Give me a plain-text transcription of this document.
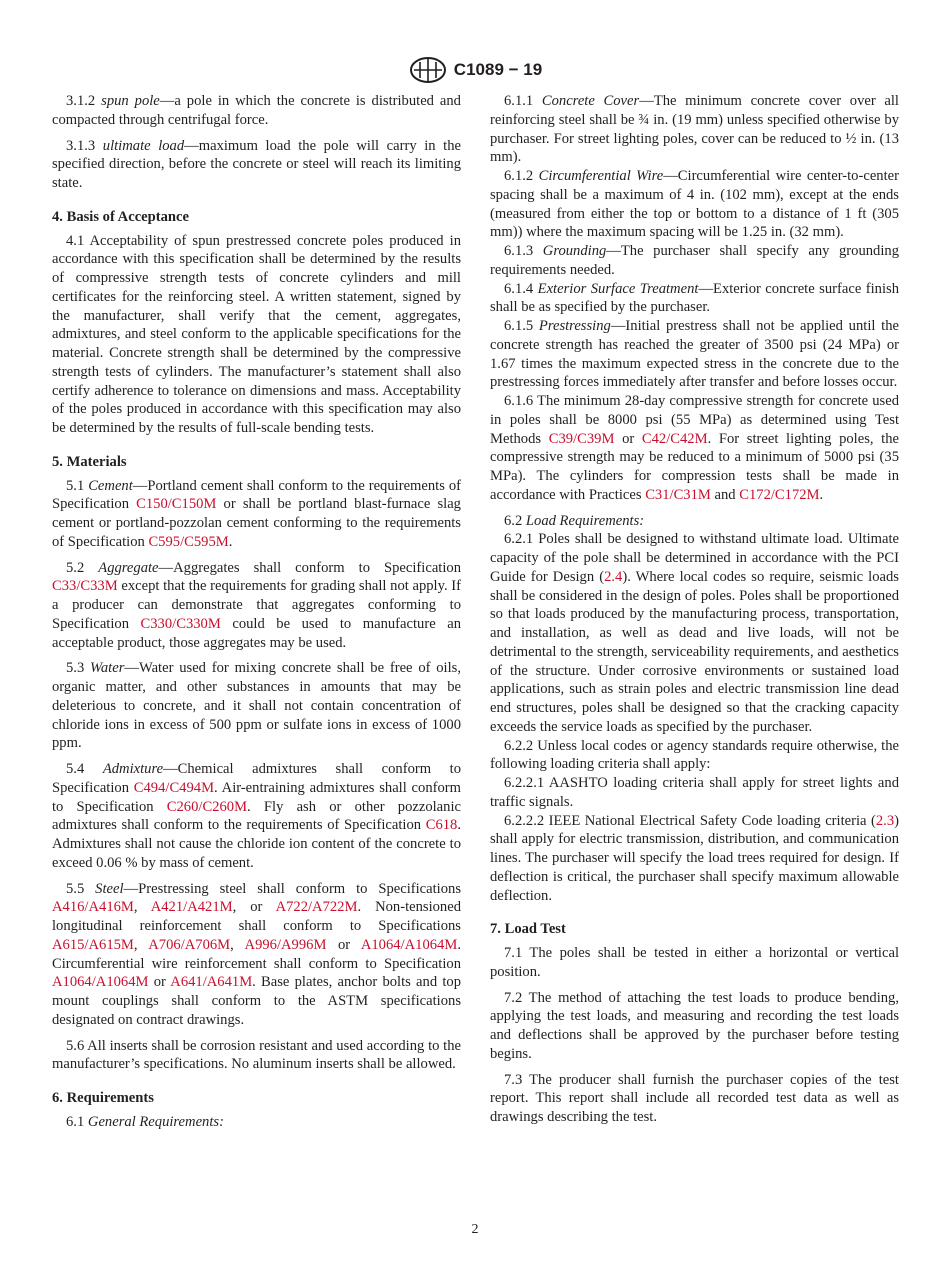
C1089 − 19

3.1.2 spun pole—a pole in which the concrete is distributed and compacted through centrifugal force.

3.1.3 ultimate load—maximum load the pole will carry in the specified direction, before the concrete or steel will reach its limiting state.

4. Basis of Acceptance

4.1 Acceptability of spun prestressed concrete poles produced in accordance with this specification shall be determined by the results of compressive strength tests of concrete cylinders and mill certificates for the reinforcing steel. A written statement, signed by the manufacturer, shall verify that the cement, aggregates, admixtures, and steel conform to the applicable specifications for the material. Concrete strength shall be determined by the compressive strength tests of cylinders. The manufacturer’s statement shall also certify adherence to tolerance on dimensions and mass. Acceptability of the poles produced in accordance with this specification may also be determined by the results of full-scale bending tests.

5. Materials

5.1 Cement—Portland cement shall conform to the requirements of Specification C150/C150M or shall be portland blast-furnace slag cement or portland-pozzolan cement conforming to the requirements of Specification C595/C595M.

5.2 Aggregate—Aggregates shall conform to Specification C33/C33M except that the requirements for grading shall not apply. If a producer can demonstrate that aggregates conforming to Specification C330/C330M could be used to manufacture an acceptable product, those aggregates may be used.

5.3 Water—Water used for mixing concrete shall be free of oils, organic matter, and other substances in amounts that may be deleterious to concrete, and it shall not contain concentration of chloride ions in excess of 500 ppm or sulfate ions in excess of 1000 ppm.

5.4 Admixture—Chemical admixtures shall conform to Specification C494/C494M. Air-entraining admixtures shall conform to Specification C260/C260M. Fly ash or other pozzolanic admixtures shall conform to the requirements of Specification C618. Admixtures shall not cause the chloride ion content of the concrete to exceed 0.06 % by mass of cement.

5.5 Steel—Prestressing steel shall conform to Specifications A416/A416M, A421/A421M, or A722/A722M. Non-tensioned longitudinal reinforcement shall conform to Specifications A615/A615M, A706/A706M, A996/A996M or A1064/A1064M. Circumferential wire reinforcement shall conform to Specification A1064/A1064M or A641/A641M. Base plates, anchor bolts and top mount couplings shall conform to the ASTM specifications designated on contract drawings.

5.6 All inserts shall be corrosion resistant and used according to the manufacturer’s specifications. No aluminum inserts shall be allowed.

6. Requirements

6.1 General Requirements:

6.1.1 Concrete Cover—The minimum concrete cover over all reinforcing steel shall be ¾ in. (19 mm) unless specified otherwise by purchaser. For street lighting poles, cover can be reduced to ½ in. (13 mm).

6.1.2 Circumferential Wire—Circumferential wire center-to-center spacing shall be a maximum of 4 in. (102 mm), except at the ends (measured from either the top or bottom to a distance of 1 ft (305 mm)) where the maximum spacing will be 1.25 in. (32 mm).

6.1.3 Grounding—The purchaser shall specify any grounding requirements needed.

6.1.4 Exterior Surface Treatment—Exterior concrete surface finish shall be as specified by the purchaser.

6.1.5 Prestressing—Initial prestress shall not be applied until the concrete strength has reached the greater of 3500 psi (24 MPa) or 1.67 times the maximum expected stress in the concrete due to the prestressing forces immediately after transfer and before losses occur.

6.1.6 The minimum 28-day compressive strength for concrete used in poles shall be 8000 psi (55 MPa) as determined using Test Methods C39/C39M or C42/C42M. For street lighting poles, the compressive strength may be reduced to a minimum of 5000 psi (35 MPa). The cylinders for compression tests shall be made in accordance with Practices C31/C31M and C172/C172M.

6.2 Load Requirements:

6.2.1 Poles shall be designed to withstand ultimate load. Ultimate capacity of the pole shall be determined in accordance with the PCI Guide for Design (2.4). Where local codes so require, seismic loads shall be considered in the design of poles. Poles shall be proportioned so that loads produced by the manufacturing process, transportation, and installation, as well as dead and live loads, will not be detrimental to the strength, serviceability requirements, and aesthetics of the structure. Under corrosive environments or sustained load applications, such as strain poles and electric transmission line dead end structures, poles shall be designed so that the cracking capacity exceeds the service loads as specified by the purchaser.

6.2.2 Unless local codes or agency standards require otherwise, the following loading criteria shall apply:

6.2.2.1 AASHTO loading criteria shall apply for street lights and traffic signals.

6.2.2.2 IEEE National Electrical Safety Code loading criteria (2.3) shall apply for electric transmission, distribution, and communication lines. The purchaser will specify the load trees required for design. If deflection is critical, the purchaser shall specify maximum allowable deflection.

7. Load Test

7.1 The poles shall be tested in either a horizontal or vertical position.

7.2 The method of attaching the test loads to produce bending, applying the test loads, and measuring and recording the test loads and deflections shall be approved by the purchaser before testing begins.

7.3 The producer shall furnish the purchaser copies of the test report. This report shall include all recorded test data as well as drawings describing the test.

2
